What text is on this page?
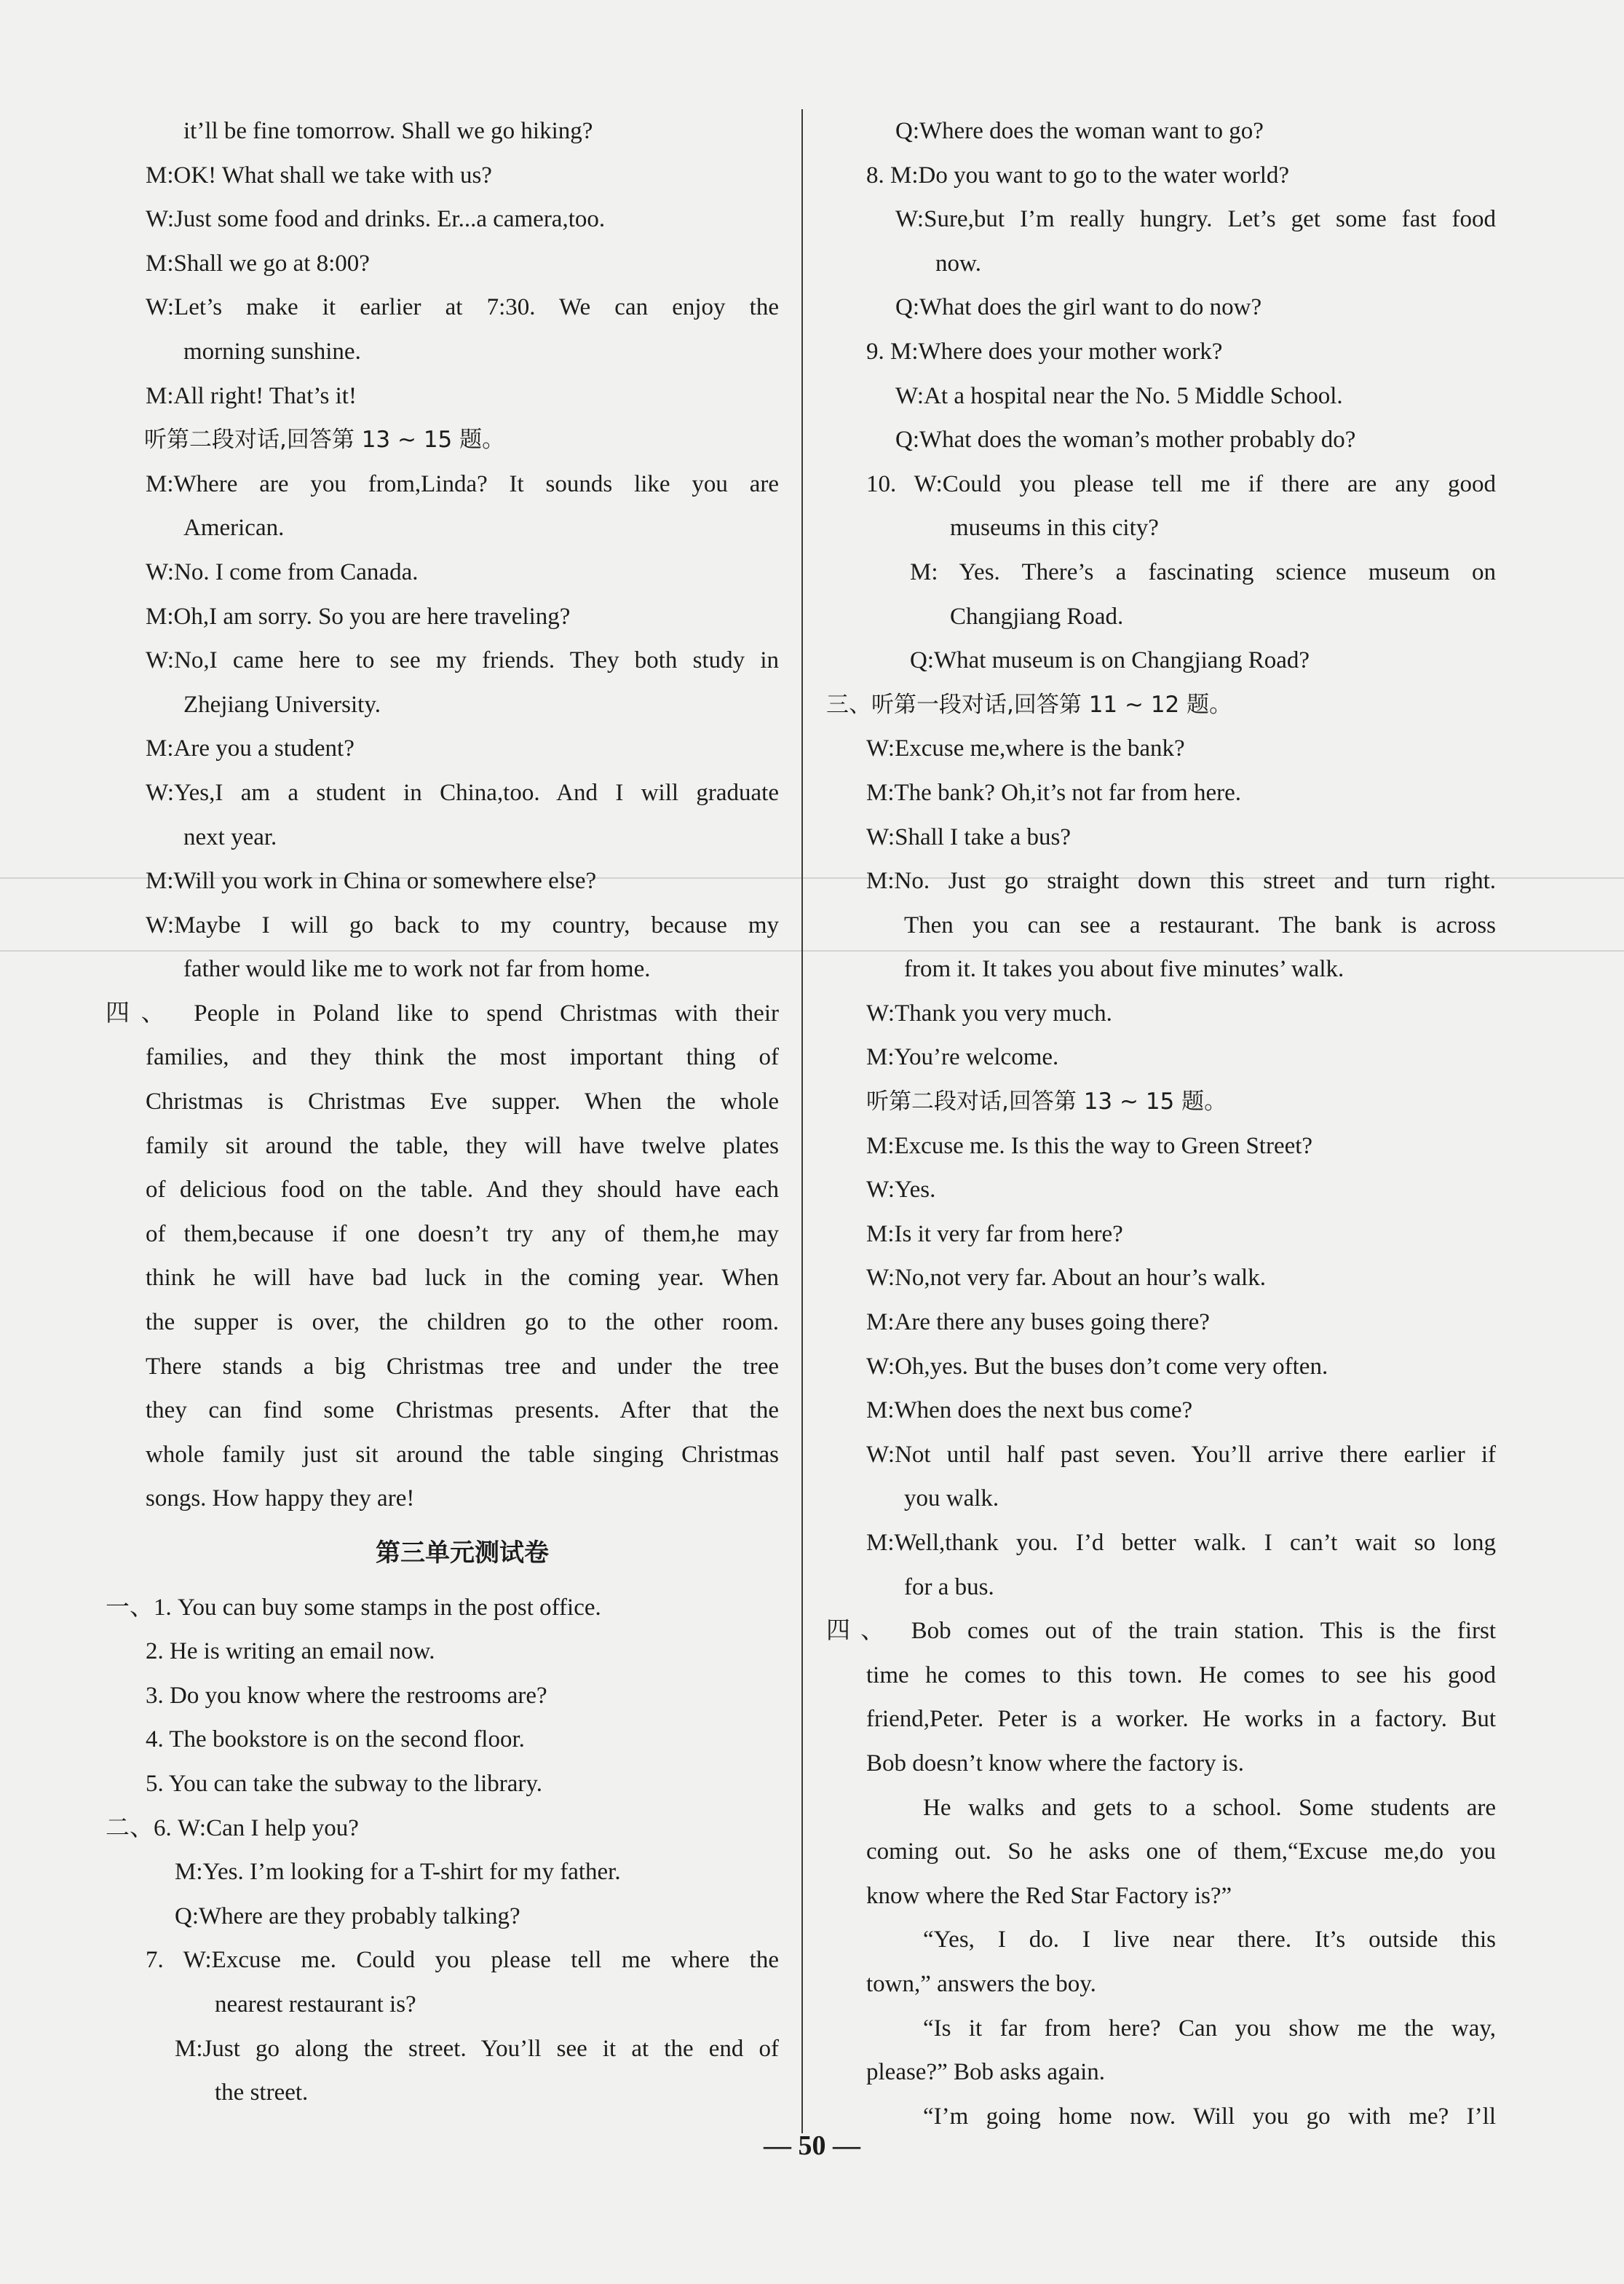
it’ll be fine tomorrow. Shall we go hiking?
M:OK! What shall we take with us?
W:Just some food and drinks. Er...a camera,too.
M:Shall we go at 8:00?
W:Let’s make it earlier at 7:30. We can enjoy the
morning sunshine.
M:All right! That’s it!
听第二段对话,回答第 13 ~ 15 题。
M:Where are you from,Linda? It sounds like you are
American.
W:No. I come from Canada.
M:Oh,I am sorry. So you are here traveling?
W:No,I came here to see my friends. They both study in
Zhejiang University.
M:Are you a student?
W:Yes,I am a student in China,too. And I will graduate
next year.
M:Will you work in China or somewhere else?
W:Maybe I will go back to my country, because my
father would like me to work not far from home.
四、 People in Poland like to spend Christmas with their
families, and they think the most important thing of
Christmas is Christmas Eve supper. When the whole
family sit around the table, they will have twelve plates
of delicious food on the table. And they should have each
of them,because if one doesn’t try any of them,he may
think he will have bad luck in the coming year. When
the supper is over, the children go to the other room.
There stands a big Christmas tree and under the tree
they can find some Christmas presents. After that the
whole family just sit around the table singing Christmas
songs. How happy they are!
第三单元测试卷
一、1. You can buy some stamps in the post office.
2. He is writing an email now.
3. Do you know where the restrooms are?
4. The bookstore is on the second floor.
5. You can take the subway to the library.
二、6. W:Can I help you?
M:Yes. I’m looking for a T-shirt for my father.
Q:Where are they probably talking?
7. W:Excuse me. Could you please tell me where the
nearest restaurant is?
M:Just go along the street. You’ll see it at the end of
the street.
Q:Where does the woman want to go?
8. M:Do you want to go to the water world?
W:Sure,but I’m really hungry. Let’s get some fast food
now.
Q:What does the girl want to do now?
9. M:Where does your mother work?
W:At a hospital near the No. 5 Middle School.
Q:What does the woman’s mother probably do?
10. W:Could you please tell me if there are any good
museums in this city?
M: Yes. There’s a fascinating science museum on
Changjiang Road.
Q:What museum is on Changjiang Road?
三、听第一段对话,回答第 11 ~ 12 题。
W:Excuse me,where is the bank?
M:The bank? Oh,it’s not far from here.
W:Shall I take a bus?
M:No. Just go straight down this street and turn right.
Then you can see a restaurant. The bank is across
from it. It takes you about five minutes’ walk.
W:Thank you very much.
M:You’re welcome.
听第二段对话,回答第 13 ~ 15 题。
M:Excuse me. Is this the way to Green Street?
W:Yes.
M:Is it very far from here?
W:No,not very far. About an hour’s walk.
M:Are there any buses going there?
W:Oh,yes. But the buses don’t come very often.
M:When does the next bus come?
W:Not until half past seven. You’ll arrive there earlier if
you walk.
M:Well,thank you. I’d better walk. I can’t wait so long
for a bus.
四、 Bob comes out of the train station. This is the first
time he comes to this town. He comes to see his good
friend,Peter. Peter is a worker. He works in a factory. But
Bob doesn’t know where the factory is.
He walks and gets to a school. Some students are
coming out. So he asks one of them,“Excuse me,do you
know where the Red Star Factory is?”
“Yes, I do. I live near there. It’s outside this
town,” answers the boy.
“Is it far from here? Can you show me the way,
please?” Bob asks again.
“I’m going home now. Will you go with me? I’ll
— 50 —
